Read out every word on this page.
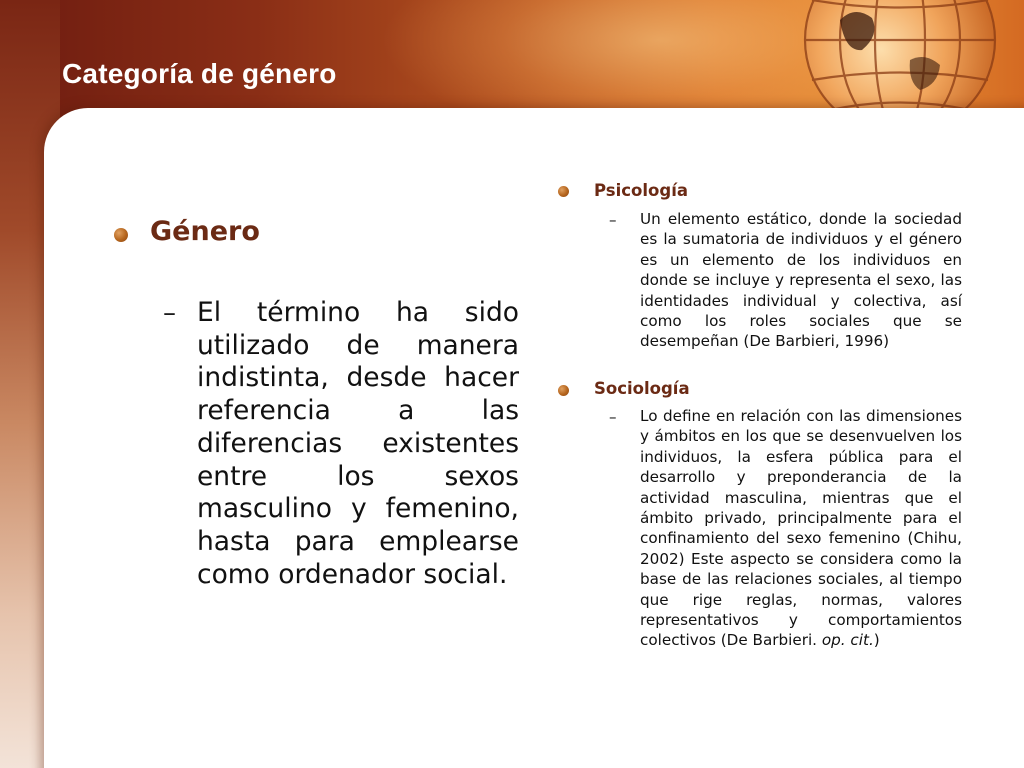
Categoría de género
Género
– El término ha sido utilizado de manera indistinta, desde hacer referencia a las diferencias existentes entre los sexos masculino y femenino, hasta para emplearse como ordenador social.
Psicología
– Un elemento estático, donde la sociedad es la sumatoria de individuos y el género es un elemento de los individuos en donde se incluye y representa el sexo, las identidades individual y colectiva, así como los roles sociales que se desempeñan (De Barbieri, 1996)
Sociología
– Lo define en relación con las dimensiones y ámbitos en los que se desenvuelven los individuos, la esfera pública para el desarrollo y preponderancia de la actividad masculina, mientras que el ámbito privado, principalmente para el confinamiento del sexo femenino (Chihu, 2002) Este aspecto se considera como la base de las relaciones sociales, al tiempo que rige reglas, normas, valores representativos y comportamientos colectivos (De Barbieri. op. cit.)
